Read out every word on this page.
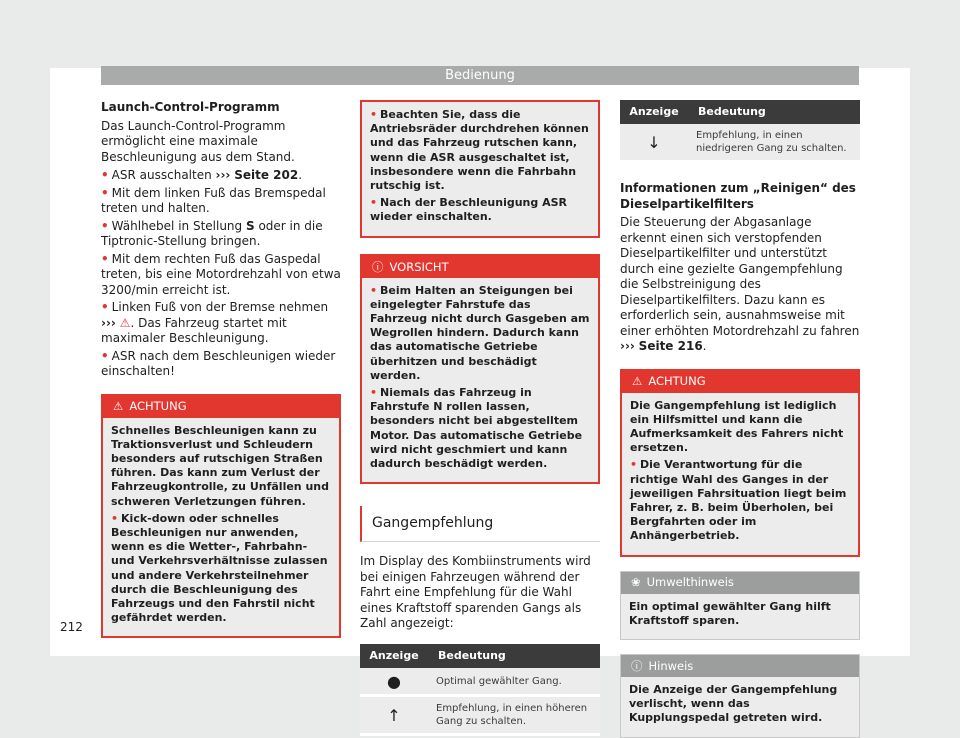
Bedienung

Launch-Control-Programm

Das Launch-Control-Programm ermöglicht eine maximale Beschleunigung aus dem Stand.

• ASR ausschalten ››› Seite 202.

• Mit dem linken Fuß das Bremspedal treten und halten.

• Wählhebel in Stellung S oder in die Tiptronic-Stellung bringen.

• Mit dem rechten Fuß das Gaspedal treten, bis eine Motordrehzahl von etwa 3200/min erreicht ist.

• Linken Fuß von der Bremse nehmen ››› ⚠. Das Fahrzeug startet mit maximaler Beschleunigung.

• ASR nach dem Beschleunigen wieder einschalten!

⚠ ACHTUNG

Schnelles Beschleunigen kann zu Traktionsverlust und Schleudern besonders auf rutschigen Straßen führen. Das kann zum Verlust der Fahrzeugkontrolle, zu Unfällen und schweren Verletzungen führen.

• Kick-down oder schnelles Beschleunigen nur anwenden, wenn es die Wetter-, Fahrbahn- und Verkehrsverhältnisse zulassen und andere Verkehrsteilnehmer durch die Beschleunigung des Fahrzeugs und den Fahrstil nicht gefährdet werden.

• Beachten Sie, dass die Antriebsräder durchdrehen können und das Fahrzeug rutschen kann, wenn die ASR ausgeschaltet ist, insbesondere wenn die Fahrbahn rutschig ist.

• Nach der Beschleunigung ASR wieder einschalten.

ⓘ VORSICHT

• Beim Halten an Steigungen bei eingelegter Fahrstufe das Fahrzeug nicht durch Gasgeben am Wegrollen hindern. Dadurch kann das automatische Getriebe überhitzen und beschädigt werden.

• Niemals das Fahrzeug in Fahrstufe N rollen lassen, besonders nicht bei abgestelltem Motor. Das automatische Getriebe wird nicht geschmiert und kann dadurch beschädigt werden.

Gangempfehlung

Im Display des Kombiinstruments wird bei einigen Fahrzeugen während der Fahrt eine Empfehlung für die Wahl eines Kraftstoff sparenden Gangs als Zahl angezeigt:

Anzeige	Bedeutung
●	Optimal gewählter Gang.
↑	Empfehlung, in einen höheren Gang zu schalten.
Anzeige	Bedeutung
↓	Empfehlung, in einen niedrigeren Gang zu schalten.

Informationen zum „Reinigen“ des Dieselpartikelfilters

Die Steuerung der Abgasanlage erkennt einen sich verstopfenden Dieselpartikelfilter und unterstützt durch eine gezielte Gangempfehlung die Selbstreinigung des Dieselpartikelfilters. Dazu kann es erforderlich sein, ausnahmsweise mit einer erhöhten Motordrehzahl zu fahren ››› Seite 216.

⚠ ACHTUNG

Die Gangempfehlung ist lediglich ein Hilfsmittel und kann die Aufmerksamkeit des Fahrers nicht ersetzen.

• Die Verantwortung für die richtige Wahl des Ganges in der jeweiligen Fahrsituation liegt beim Fahrer, z. B. beim Überholen, bei Bergfahrten oder im Anhängerbetrieb.

❀ Umwelthinweis

Ein optimal gewählter Gang hilft Kraftstoff sparen.

ⓘ Hinweis

Die Anzeige der Gangempfehlung verlischt, wenn das Kupplungspedal getreten wird.

212
